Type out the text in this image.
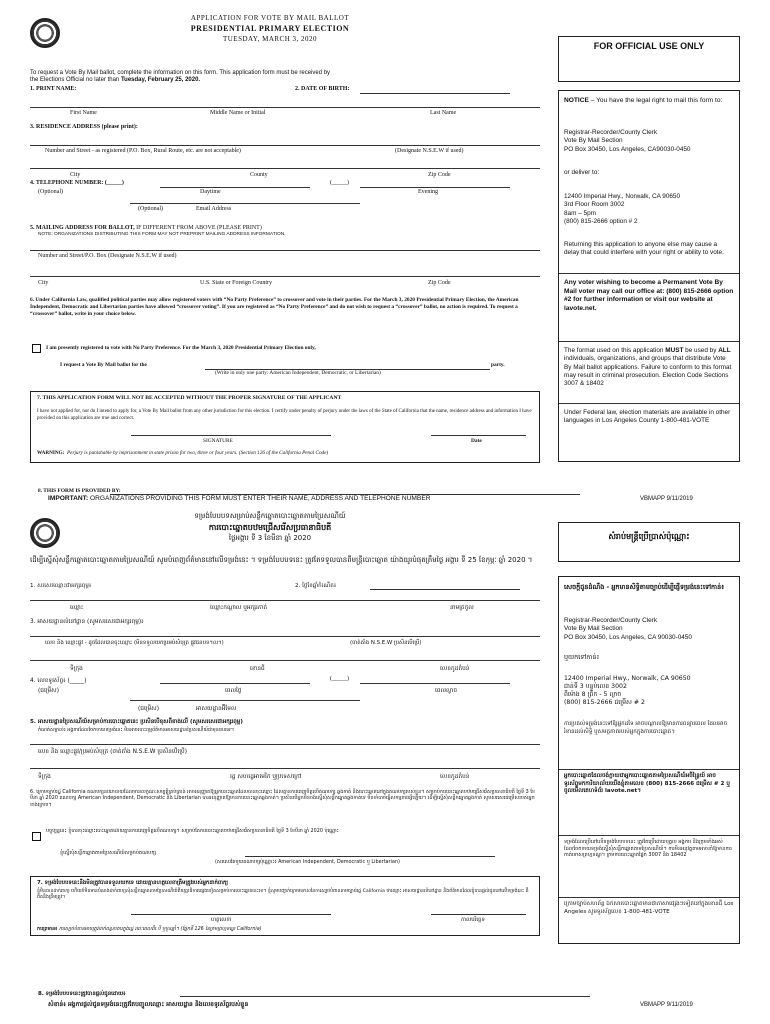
APPLICATION FOR VOTE BY MAIL BALLOT
PRESIDENTIAL PRIMARY ELECTION
TUESDAY, MARCH 3, 2020
FOR OFFICIAL USE ONLY
To request a Vote By Mail ballot, complete the information on this form. This application form must be received by
the Elections Official no later than Tuesday, February 25, 2020.
1. PRINT NAME:	2. DATE OF BIRTH:
First Name	Middle Name or Initial	Last Name
3. RESIDENCE ADDRESS (please print):
Number and Street - as registered (P.O. Box, Rural Route, etc. are not acceptable)	(Designate N.S.E.W if used)
City	County	Zip Code
4. TELEPHONE NUMBER: (_____)	(_____)
(Optional)	Daytime	Evening
(Optional)	Email Address
5. MAILING ADDRESS FOR BALLOT, IF DIFFERENT FROM ABOVE (PLEASE PRINT)
NOTE: ORGANIZATIONS DISTRIBUTING THIS FORM MAY NOT PREPRINT MAILING ADDRESS INFORMATION.
Number and Street/P.O. Box (Designate N.S.E.W if used)
City	U.S. State or Foreign Country	Zip Code
6. Under California Law, qualified political parties may allow registered voters with “No Party Preference” to crossover and vote in their parties. For the March 3, 2020 Presidential Primary Election, the American Independent, Democratic and Libertarian parties have allowed “crossover voting”. If you are registered as “No Party Preference” and do not wish to request a “crossover” ballot, no action is required. To request a “crossover” ballot, write in your choice below.
I am presently registered to vote with No Party Preference. For the March 3, 2020 Presidential Primary Election only,
I request a Vote By Mail ballot for the	party.
(Write in only one party: American Independent, Democratic, or Libertarian)
7. THIS APPLICATION FORM WILL NOT BE ACCEPTED WITHOUT THE PROPER SIGNATURE OF THE APPLICANT
I have not applied for, nor do I intend to apply for, a Vote By Mail ballot from any other jurisdiction for this election. I certify under penalty of perjury under the laws of the State of California that the name, residence address and information I have provided on this application are true and correct.
SIGNATURE	Date
WARNING: Perjury is punishable by imprisonment in state prison for two, three or four years. (Section 126 of the California Penal Code)
8. THIS FORM IS PROVIDED BY:
IMPORTANT: ORGANIZATIONS PROVIDING THIS FORM MUST ENTER THEIR NAME, ADDRESS AND TELEPHONE NUMBER	VBMAPP 9/11/2019
NOTICE – You have the legal right to mail this form to:
Registrar-Recorder/County Clerk
Vote By Mail Section
PO Box 30450, Los Angeles, CA90030-0450
or deliver to:
12400 Imperial Hwy., Norwalk, CA 90650
3rd Floor Room 3002
8am – 5pm
(800) 815-2666 option # 2
Returning this application to anyone else may cause a delay that could interfere with your right or ability to vote.
Any voter wishing to become a Permanent Vote By Mail voter may call our office at: (800) 815-2666 option #2 for further information or visit our website at lavote.net.
The format used on this application MUST be used by ALL individuals, organizations, and groups that distribute Vote By Mail ballot applications. Failure to conform to this format may result in criminal prosecution. Election Code Sections 3007 & 18402
Under Federal law, election materials are available in other languages in Los Angeles County 1-800-481-VOTE
ទម្រង់បែបបទសម្រាប់សន្លឹកឆ្នោតបោះឆ្នោតតាមប្រៃសណីយ៍
ការបោះឆ្នោតបឋមជ្រើសរើសប្រធានាធិបតី
ថ្ងៃអង្គារ ទី 3 ខែមីនា ឆ្នាំ 2020	សំរាប់មន្ត្រីប្រើប្រាស់ប៉ុណ្ណោះ
ដើម្បីស្នើសុំសន្លឹកឆ្នោតបោះឆ្នោតតាមប្រៃសណីយ៍ សូមបំពេញព័ត៌មាននៅលើទម្រង់នេះ ។ ទម្រង់បែបបទនេះ ត្រូវតែទទួលបានពីមន្ត្រីបោះឆ្នោត យ៉ាងយូរបំផុតត្រឹមថ្ងៃ អង្គារ ទី 25 ខែកុម្ភៈ ឆ្នាំ 2020 ។
1. សរសេរឈ្មោះជាអក្សរពុម្ព៖	2. ថ្ងៃខែឆ្នាំកំណើត៖
ឈ្មោះ	ឈ្មោះកណ្តាល ឬអក្សរកាត់	នាមត្រកូល
3. អាសយដ្ឋានលំនៅដ្ឋាន (សូមសរសេរជាអក្សរពុម្ព)៖
លេខ និង ឈ្មោះផ្លូវ - ដូចដែលបានចុះឈ្មោះ (មិនទទួលយកប្រអប់សំបុត្រ ផ្លូវជនបទ។ល។)	(ចាត់តាំង N.S.E.W ប្រសិនបើប្រើ)
ទីក្រុង	ខោនធី	លេខកូដតំបន់
4. លេខទូរស័ព្ទ៖ (_____)	(_____)
(ជម្រើស)	ពេលថ្ងៃ	ពេលល្ងាច
(ជម្រើស)	អាសយដ្ឋានអ៊ីមែល
5. អាសយដ្ឋានប្រៃសណីយ៍សម្រាប់ការបោះឆ្នោតនេះ ប្រសិនបើខុសពីខាងលើ (សូមសរសេរជាអក្សរពុម្ព)
កំណត់សម្គាល់៖ អង្គការដែលចែកចាយទម្រង់នេះ មិនអាចបោះពុម្ពព័ត៌មានអាសយដ្ឋានប្រៃសណីយ៍ជាមុនបានទេ។
លេខ និង ឈ្មោះផ្លូវ/ប្រអប់សំបុត្រ (ចាត់តាំង N.S.E.W ប្រសិនបើប្រើ)
ទីក្រុង	រដ្ឋ សហរដ្ឋអាមេរិក ឬប្រទេសក្រៅ	លេខកូដតំបន់
6. ក្រោមច្បាប់រដ្ឋ California គណបក្សនយោបាយដែលមានលក្ខណៈសម្បត្តិគ្រប់គ្រាន់ អាចអនុញ្ញាតឱ្យអ្នកបោះឆ្នោតដែលបានចុះឈ្មោះ ដែលគ្មានការពេញចិត្តលើគណបក្ស ឆ្លងកាត់ និងបោះឆ្នោតនៅក្នុងគណបក្សរបស់ខ្លួន។ សម្រាប់ការបោះឆ្នោតបឋមជ្រើសរើសប្រធានាធិបតី ថ្ងៃទី 3 ខែមីនា ឆ្នាំ 2020 គណបក្ស American Independent, Democratic និង Libertarian បានអនុញ្ញាតឱ្យមានការបោះឆ្នោតឆ្លងកាត់។ ប្រសិនបើអ្នកមិនចង់ស្នើសុំសន្លឹកឆ្នោតឆ្លងកាត់ទេ មិនចាំបាច់ធ្វើសកម្មភាពអ្វីឡើយ។ ដើម្បីស្នើសុំសន្លឹកឆ្នោតឆ្លងកាត់ សូមសរសេរជម្រើសរបស់អ្នកខាងក្រោម។
បច្ចុប្បន្ននេះ ខ្ញុំបានចុះឈ្មោះបោះឆ្នោតដោយគ្មានការពេញចិត្តលើគណបក្ស។ សម្រាប់តែការបោះឆ្នោតបឋមជ្រើសរើសប្រធានាធិបតី ថ្ងៃទី 3 ខែមីនា ឆ្នាំ 2020 ប៉ុណ្ណោះ
ខ្ញុំស្នើសុំសន្លឹកឆ្នោតតាមប្រៃសណីយ៍សម្រាប់គណបក្ស
(សរសេរតែមួយគណបក្សប៉ុណ្ណោះ៖ American Independent, Democratic ឬ Libertarian)
7. ទម្រង់បែបបទនេះនឹងមិនត្រូវបានទទួលយកទេ ដោយគ្មានហត្ថលេខាត្រឹមត្រូវរបស់អ្នកដាក់ពាក្យ
ខ្ញុំមិនបានដាក់ពាក្យ ហើយក៏មិនមានបំណងដាក់ពាក្យសុំសន្លឹកឆ្នោតតាមប្រៃសណីយ៍ពីយុត្តាធិការផ្សេងទៀតសម្រាប់ការបោះឆ្នោតនេះទេ។ ខ្ញុំសូមបញ្ជាក់ក្រោមទោសនៃការស្បថបំពានតាមច្បាប់រដ្ឋ California ថាឈ្មោះ អាសយដ្ឋានលំនៅដ្ឋាន និងព័ត៌មានដែលខ្ញុំបានផ្តល់ជូននៅលើទម្រង់នេះ គឺពិតនិងត្រឹមត្រូវ។
ហត្ថលេខា	កាលបរិច្ឆេទ
ការព្រមាន៖ ការស្បថបំពានអាចត្រូវដាក់ពន្ធនាគារក្នុងរដ្ឋ រយៈពេលពីរ បី ឬបួនឆ្នាំ។ (ផ្នែកទី 126 នៃក្រមព្រហ្មទណ្ឌ California)
8. ទម្រង់បែបបទនេះត្រូវបានផ្តល់ជូនដោយ៖
សំខាន់៖ អង្គការផ្តល់ជូនទម្រង់នេះត្រូវតែបញ្ចូលឈ្មោះ អាសយដ្ឋាន និងលេខទូរស័ព្ទរបស់ខ្លួន	VBMAPP 9/11/2019
សេចក្តីជូនដំណឹង - អ្នកមានសិទ្ធិតាមច្បាប់ដើម្បីផ្ញើទម្រង់នេះទៅកាន់៖
Registrar-Recorder/County Clerk
Vote By Mail Section
PO Box 30450, Los Angeles, CA 90030-0450
ឬយកទៅកាន់៖
12400 Imperial Hwy., Norwalk, CA 90650
ជាន់ទី 3 បន្ទប់លេខ 3002
ពីម៉ោង 8 ព្រឹក - 5 ល្ងាច
(800) 815-2666 ជម្រើស # 2
ការប្រគល់ទម្រង់នេះទៅឱ្យអ្នកដទៃ អាចបណ្តាលឱ្យមានការពន្យារពេល ដែលអាចរំខានដល់សិទ្ធិ ឬសមត្ថភាពរបស់អ្នកក្នុងការបោះឆ្នោត។
អ្នកបោះឆ្នោតដែលចង់ក្លាយជាអ្នកបោះឆ្នោតតាមប្រៃសណីយ៍អចិន្ត្រៃយ៍ អាចទូរស័ព្ទមកការិយាល័យយើងខ្ញុំតាមលេខ (800) 815-2666 ជម្រើស # 2 ឬចូលមើលគេហទំព័រ lavote.net។
ទម្រង់ដែលប្រើនៅលើទម្រង់បែបបទនេះ ត្រូវតែប្រើដោយបុគ្គល អង្គការ និងក្រុមទាំងអស់ដែលចែកចាយទម្រង់ស្នើសុំសន្លឹកឆ្នោតតាមប្រៃសណីយ៍។ ការមិនអនុវត្តតាមអាចនាំឱ្យមានការកាត់ទោសព្រហ្មទណ្ឌ។ ក្រមការបោះឆ្នោតផ្នែក 3007 និង 18402
ក្រោមច្បាប់សហព័ន្ធ ឯកសារបោះឆ្នោតមានជាភាសាផ្សេងៗទៀតនៅក្នុងខោនធី Los Angeles សូមទូរស័ព្ទលេខ 1-800-481-VOTE
